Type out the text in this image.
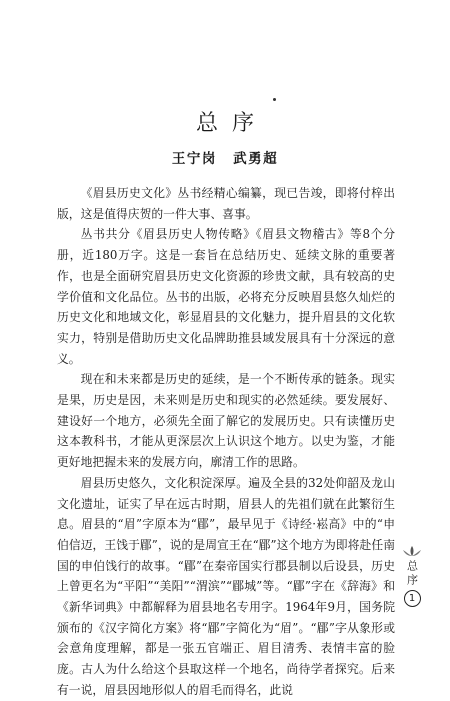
总序
王宁岗 武勇超

《眉县历史文化》丛书经精心编纂，现已告竣，即将付梓出版，这是值得庆贺的一件大事、喜事。

丛书共分《眉县历史人物传略》《眉县文物稽古》等8个分册，近180万字。这是一套旨在总结历史、延续文脉的重要著作，也是全面研究眉县历史文化资源的珍贵文献，具有较高的史学价值和文化品位。丛书的出版，必将充分反映眉县悠久灿烂的历史文化和地域文化，彰显眉县的文化魅力，提升眉县的文化软实力，特别是借助历史文化品牌助推县域发展具有十分深远的意义。

现在和未来都是历史的延续，是一个不断传承的链条。现实是果，历史是因，未来则是历史和现实的必然延续。要发展好、建设好一个地方，必须先全面了解它的发展历史。只有读懂历史这本教科书，才能从更深层次上认识这个地方。以史为鉴，才能更好地把握未来的发展方向，廓清工作的思路。

眉县历史悠久，文化积淀深厚。遍及全县的32处仰韶及龙山文化遗址，证实了早在远古时期，眉县人的先祖们就在此繁衍生息。眉县的“眉”字原本为“郿”，最早见于《诗经·崧高》中的“申伯信迈，王饯于郿”，说的是周宣王在“郿”这个地方为即将赴任南国的申伯饯行的故事。“郿”在秦帝国实行郡县制以后设县，历史上曾更名为“平阳”“美阳”“渭滨”“郿城”等。“郿”字在《辞海》和《新华词典》中都解释为眉县地名专用字。1964年9月，国务院颁布的《汉字简化方案》将“郿”字简化为“眉”。“郿”字从象形或会意角度理解，都是一张五官端正、眉目清秀、表情丰富的脸庞。古人为什么给这个县取这样一个地名，尚待学者探究。后来有一说，眉县因地形似人的眉毛而得名，此说

总序
1
